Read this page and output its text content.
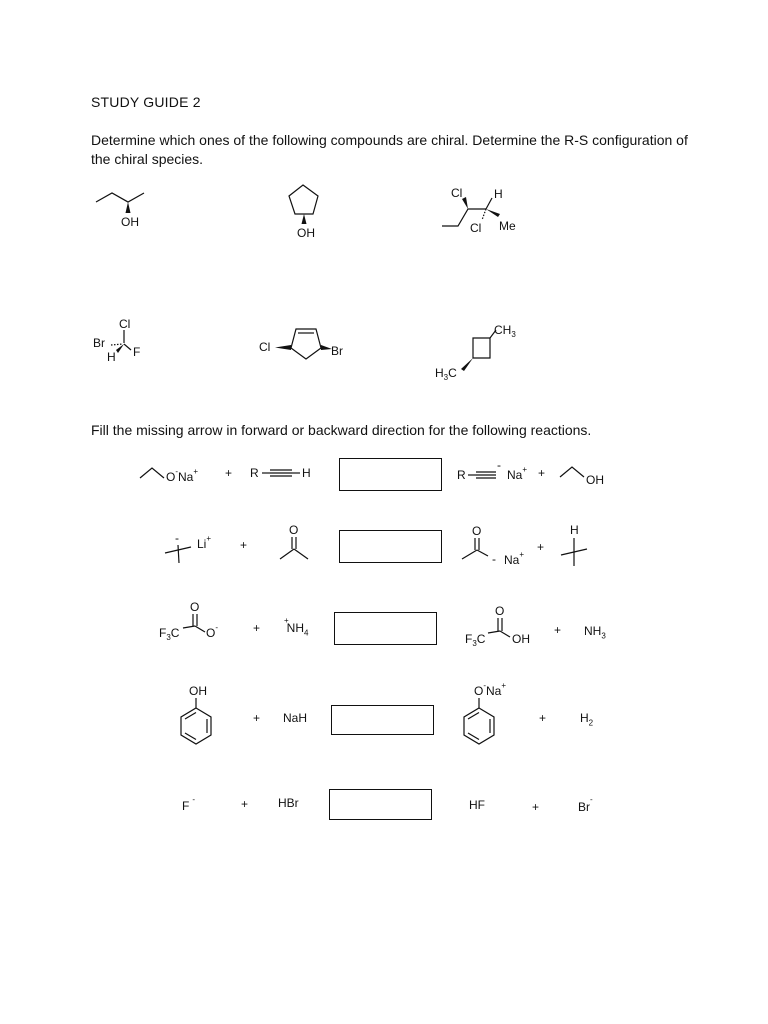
STUDY GUIDE 2
Determine which ones of the following compounds are chiral. Determine the R-S configuration of the chiral species.
OH
OH
Cl	H
Cl Me
Cl
Br
H F	Cl	Br
$CH_3$
$H_3C$
Fill the missing arrow in forward or backward direction for the following reactions.
O-Na+ + R	H	R
-
Na+ +	OH
- Li+ +
O	O
- Na+
+
H
O
$F_3C$ O-	+
$^+NH_4$
O
$F_3C$ OH
+ $NH_3$
OH
+ NaH
O-Na+
+	$H_2$
F -	+ HBr	HF	+	Br-
